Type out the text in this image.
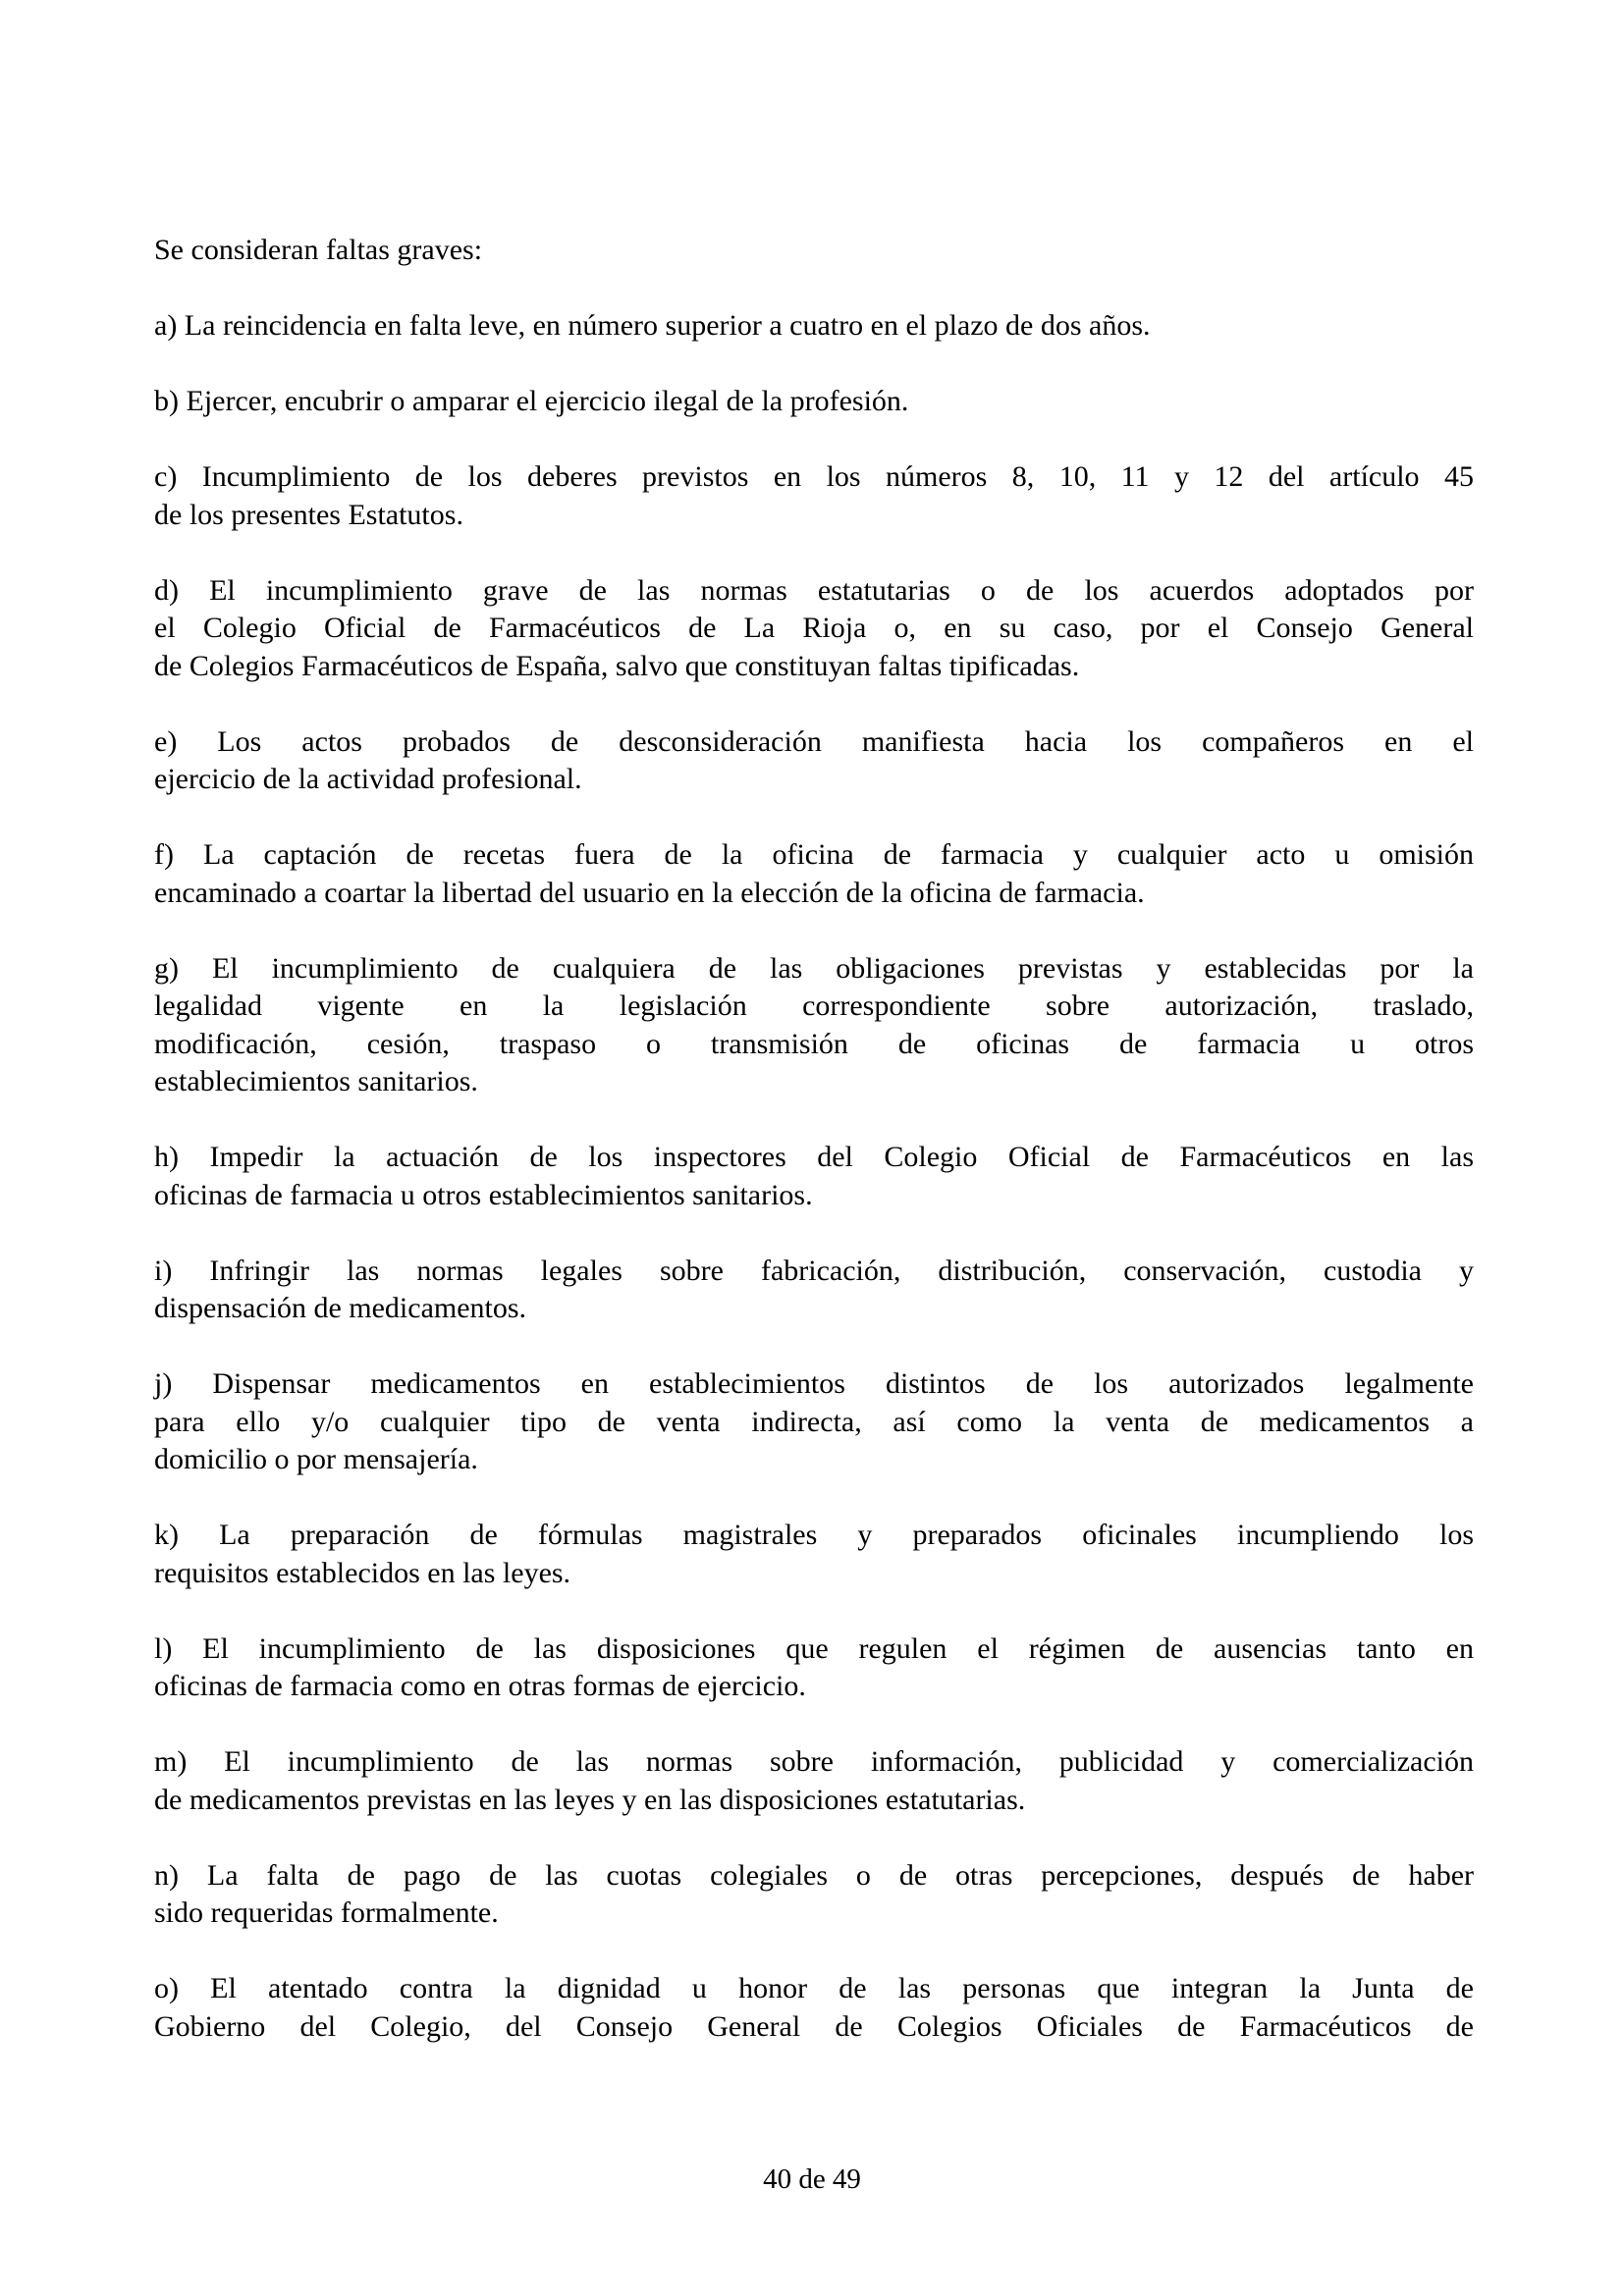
Se consideran faltas graves:

a) La reincidencia en falta leve, en número superior a cuatro en el plazo de dos años.

b) Ejercer, encubrir o amparar el ejercicio ilegal de la profesión.

c) Incumplimiento de los deberes previstos en los números 8, 10, 11 y 12 del artículo 45
de los presentes Estatutos.

d) El incumplimiento grave de las normas estatutarias o de los acuerdos adoptados por
el Colegio Oficial de Farmacéuticos de La Rioja o, en su caso, por el Consejo General
de Colegios Farmacéuticos de España, salvo que constituyan faltas tipificadas.

e) Los actos probados de desconsideración manifiesta hacia los compañeros en el
ejercicio de la actividad profesional.

f) La captación de recetas fuera de la oficina de farmacia y cualquier acto u omisión
encaminado a coartar la libertad del usuario en la elección de la oficina de farmacia.

g) El incumplimiento de cualquiera de las obligaciones previstas y establecidas por la
legalidad vigente en la legislación correspondiente sobre autorización, traslado,
modificación, cesión, traspaso o transmisión de oficinas de farmacia u otros
establecimientos sanitarios.

h) Impedir la actuación de los inspectores del Colegio Oficial de Farmacéuticos en las
oficinas de farmacia u otros establecimientos sanitarios.

i) Infringir las normas legales sobre fabricación, distribución, conservación, custodia y
dispensación de medicamentos.

j) Dispensar medicamentos en establecimientos distintos de los autorizados legalmente
para ello y/o cualquier tipo de venta indirecta, así como la venta de medicamentos a
domicilio o por mensajería.

k) La preparación de fórmulas magistrales y preparados oficinales incumpliendo los
requisitos establecidos en las leyes.

l) El incumplimiento de las disposiciones que regulen el régimen de ausencias tanto en
oficinas de farmacia como en otras formas de ejercicio.

m) El incumplimiento de las normas sobre información, publicidad y comercialización
de medicamentos previstas en las leyes y en las disposiciones estatutarias.

n) La falta de pago de las cuotas colegiales o de otras percepciones, después de haber
sido requeridas formalmente.

o) El atentado contra la dignidad u honor de las personas que integran la Junta de
Gobierno del Colegio, del Consejo General de Colegios Oficiales de Farmacéuticos de

40 de 49
